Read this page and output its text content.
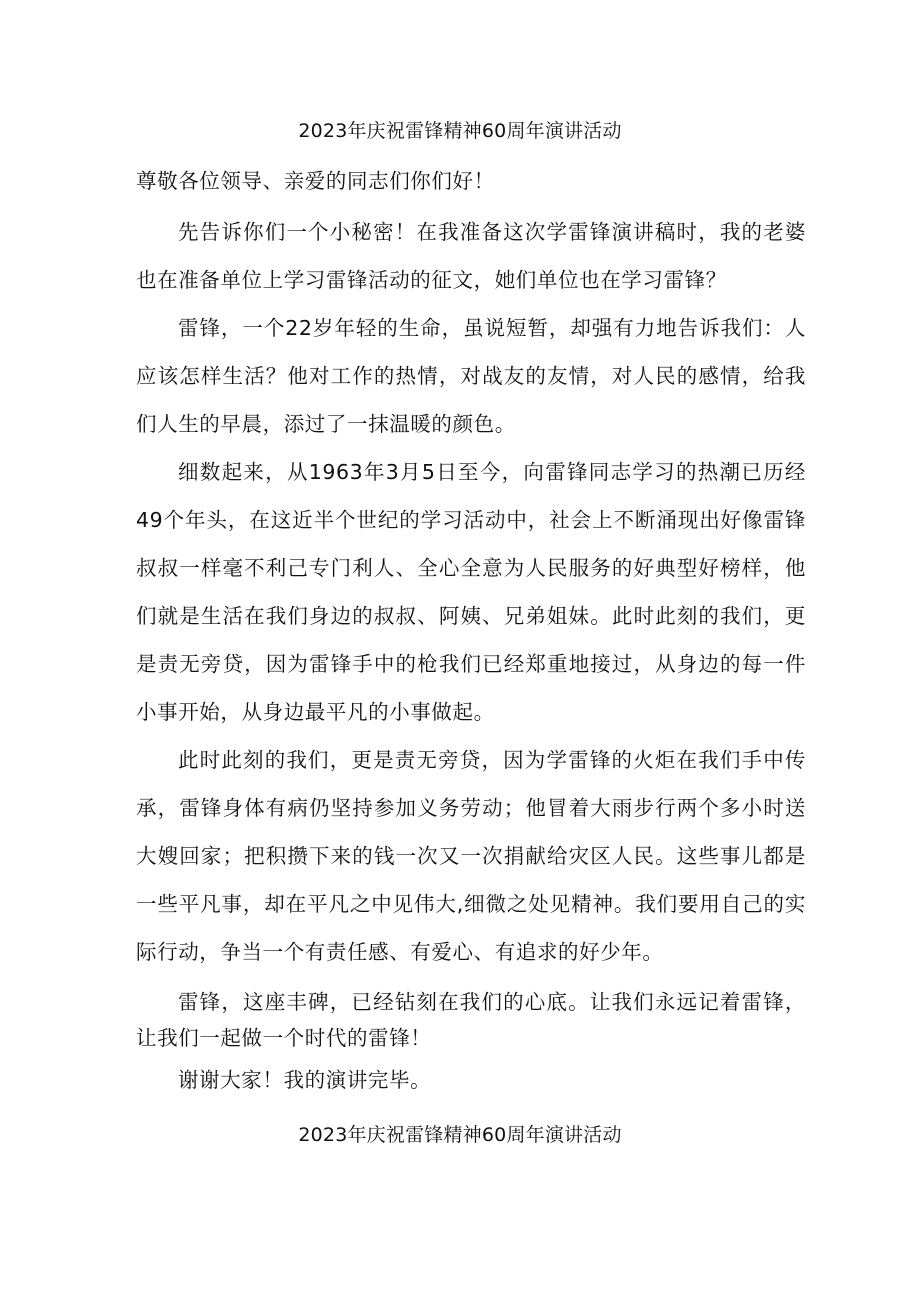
2023年庆祝雷锋精神60周年演讲活动

尊敬各位领导、亲爱的同志们你们好！

先告诉你们一个小秘密！在我准备这次学雷锋演讲稿时，我的老婆也在准备单位上学习雷锋活动的征文，她们单位也在学习雷锋？

雷锋，一个22岁年轻的生命，虽说短暂，却强有力地告诉我们：人应该怎样生活？他对工作的热情，对战友的友情，对人民的感情，给我们人生的早晨，添过了一抹温暖的颜色。

细数起来，从1963年3月5日至今，向雷锋同志学习的热潮已历经49个年头，在这近半个世纪的学习活动中，社会上不断涌现出好像雷锋叔叔一样毫不利己专门利人、全心全意为人民服务的好典型好榜样，他们就是生活在我们身边的叔叔、阿姨、兄弟姐妹。此时此刻的我们，更是责无旁贷，因为雷锋手中的枪我们已经郑重地接过，从身边的每一件小事开始，从身边最平凡的小事做起。

此时此刻的我们，更是责无旁贷，因为学雷锋的火炬在我们手中传承，雷锋身体有病仍坚持参加义务劳动；他冒着大雨步行两个多小时送大嫂回家；把积攒下来的钱一次又一次捐献给灾区人民。这些事儿都是一些平凡事，却在平凡之中见伟大,细微之处见精神。我们要用自己的实际行动，争当一个有责任感、有爱心、有追求的好少年。

雷锋，这座丰碑，已经钻刻在我们的心底。让我们永远记着雷锋，让我们一起做一个时代的雷锋！

谢谢大家！我的演讲完毕。

2023年庆祝雷锋精神60周年演讲活动
